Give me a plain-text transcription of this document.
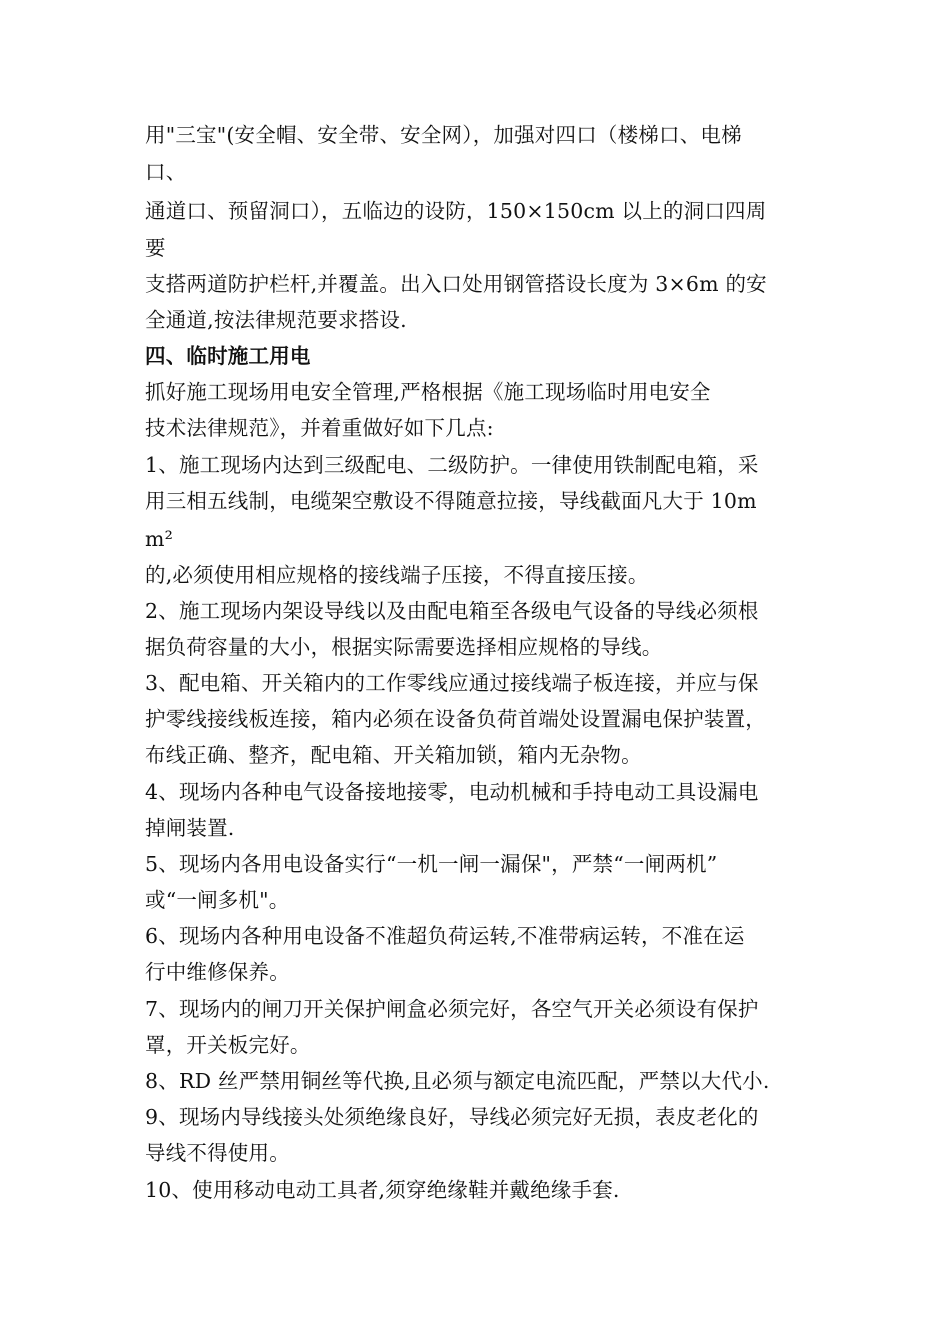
用"三宝"(安全帽、安全带、安全网），加强对四口（楼梯口、电梯
口、
通道口、预留洞口），五临边的设防，150×150cm 以上的洞口四周
要
支搭两道防护栏杆,并覆盖。出入口处用钢管搭设长度为 3×6m 的安
全通道,按法律规范要求搭设.
四、临时施工用电
抓好施工现场用电安全管理,严格根据《施工现场临时用电安全
技术法律规范》，并着重做好如下几点:
1、施工现场内达到三级配电、二级防护。一律使用铁制配电箱，采
用三相五线制，电缆架空敷设不得随意拉接，导线截面凡大于 10m
m²
的,必须使用相应规格的接线端子压接，不得直接压接。
2、施工现场内架设导线以及由配电箱至各级电气设备的导线必须根
据负荷容量的大小，根据实际需要选择相应规格的导线。
3、配电箱、开关箱内的工作零线应通过接线端子板连接，并应与保
护零线接线板连接，箱内必须在设备负荷首端处设置漏电保护装置，
布线正确、整齐，配电箱、开关箱加锁，箱内无杂物。
4、现场内各种电气设备接地接零，电动机械和手持电动工具设漏电
掉闸装置.
5、现场内各用电设备实行“一机一闸一漏保"，严禁“一闸两机”
或“一闸多机"。
6、现场内各种用电设备不准超负荷运转,不准带病运转，不准在运
行中维修保养。
7、现场内的闸刀开关保护闸盒必须完好，各空气开关必须设有保护
罩，开关板完好。
8、RD 丝严禁用铜丝等代换,且必须与额定电流匹配，严禁以大代小.
9、现场内导线接头处须绝缘良好，导线必须完好无损，表皮老化的
导线不得使用。
10、使用移动电动工具者,须穿绝缘鞋并戴绝缘手套.
